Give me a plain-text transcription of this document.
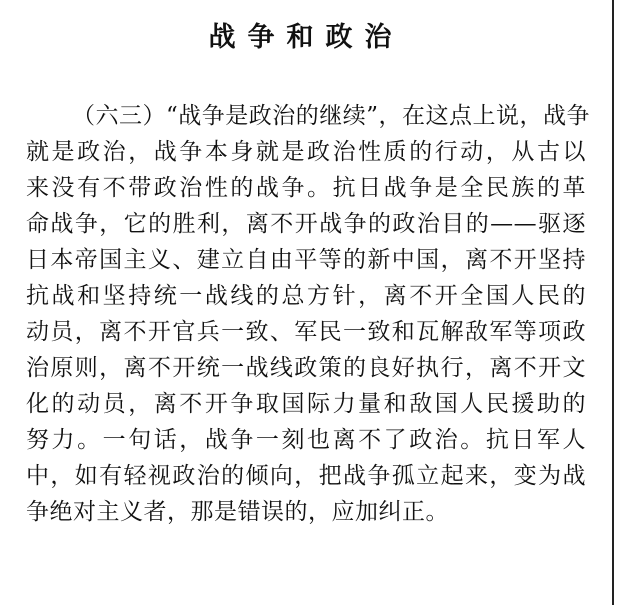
战争和政治
（六三）“战争是政治的继续”，在这点上说，战争
就是政治，战争本身就是政治性质的行动，从古以
来没有不带政治性的战争。抗日战争是全民族的革
命战争，它的胜利，离不开战争的政治目的——驱逐
日本帝国主义、建立自由平等的新中国，离不开坚持
抗战和坚持统一战线的总方针，离不开全国人民的
动员，离不开官兵一致、军民一致和瓦解敌军等项政
治原则，离不开统一战线政策的良好执行，离不开文
化的动员，离不开争取国际力量和敌国人民援助的
努力。一句话，战争一刻也离不了政治。抗日军人
中，如有轻视政治的倾向，把战争孤立起来，变为战
争绝对主义者，那是错误的，应加纠正。
